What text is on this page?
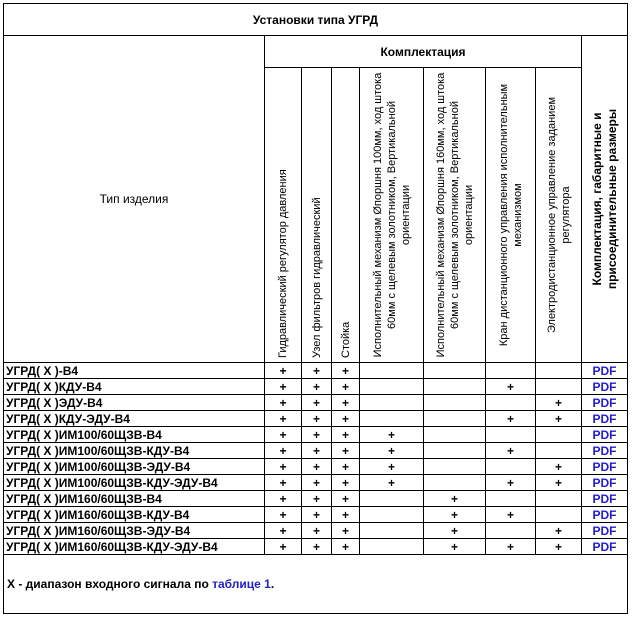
Установки типа УГРД								
Тип изделия	Комплектация							Комплектация, габаритные и присоединительные размеры

	Гидравлический регулятор давления	Узел фильтров гидравлический	Стойка	Исполнительный механизм Øпоршня 100мм, ход штока 60мм с щелевым золотником, Вертикальной ориентации	Исполнительный механизм Øпоршня 160мм, ход штока 60мм с щелевым золотником, Вертикальной ориентации	Кран дистанционного управления исполнительным механизмом	Электродистанционное управление заданием регулятора	

УГРД( X )-В4	+	+	+					PDF
УГРД( X )КДУ-В4	+	+	+			+		PDF
УГРД( X )ЭДУ-В4	+	+	+				+	PDF
УГРД( X )КДУ-ЭДУ-В4	+	+	+			+	+	PDF
УГРД( X )ИМ100/60ЩЗВ-В4	+	+	+	+				PDF
УГРД( X )ИМ100/60ЩЗВ-КДУ-В4	+	+	+	+		+		PDF
УГРД( X )ИМ100/60ЩЗВ-ЭДУ-В4	+	+	+	+			+	PDF
УГРД( X )ИМ100/60ЩЗВ-КДУ-ЭДУ-В4	+	+	+	+		+	+	PDF
УГРД( X )ИМ160/60ЩЗВ-В4	+	+	+		+			PDF
УГРД( X )ИМ160/60ЩЗВ-КДУ-В4	+	+	+		+	+		PDF
УГРД( X )ИМ160/60ЩЗВ-ЭДУ-В4	+	+	+		+		+	PDF
УГРД( X )ИМ160/60ЩЗВ-КДУ-ЭДУ-В4	+	+	+		+	+	+	PDF
X - диапазон входного сигнала по таблице 1.								
